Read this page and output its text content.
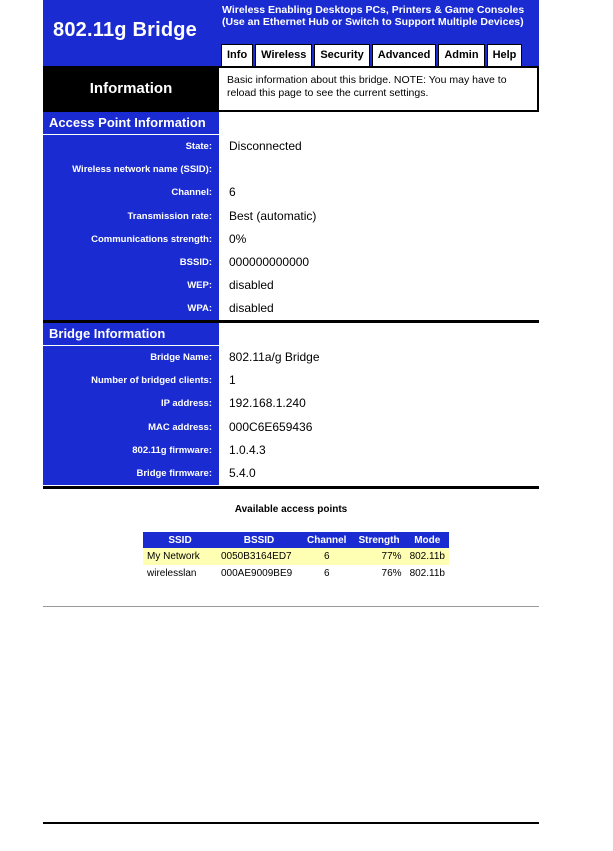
802.11g Bridge
Wireless Enabling Desktops PCs, Printers & Game Consoles
(Use an Ethernet Hub or Switch to Support Multiple Devices)
Info	Wireless	Security	Advanced	Admin	Help
Information	Basic information about this bridge. NOTE: You may have to reload this page to see the current settings.
Access Point Information
State:	Disconnected
Wireless network name (SSID):
Channel:	6
Transmission rate:	Best (automatic)
Communications strength:	0%
BSSID:	000000000000
WEP:	disabled
WPA:	disabled
Bridge Information
Bridge Name:	802.11a/g Bridge
Number of bridged clients:	1
IP address:	192.168.1.240
MAC address:	000C6E659436
802.11g firmware:	1.0.4.3
Bridge firmware:	5.4.0
Available access points
SSID	BSSID	Channel	Strength	Mode
My Network	0050B3164ED7	6	77%	802.11b
wirelesslan	000AE9009BE9	6	76%	802.11b
